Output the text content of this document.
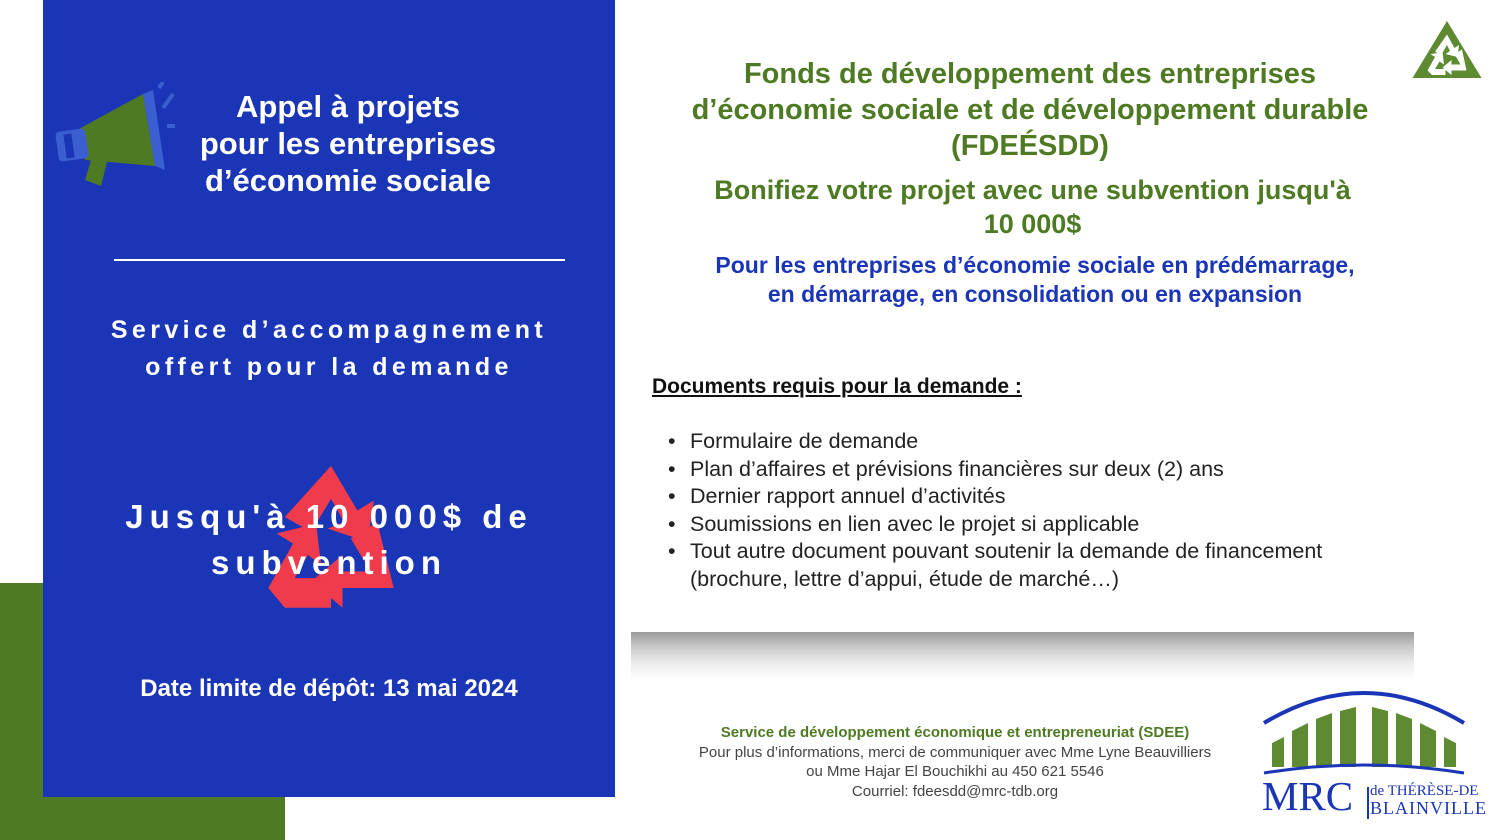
Appel à projets
pour les entreprises
d’économie sociale
Service d’accompagnement
offert pour la demande
Jusqu'à 10 000$ de
subvention
Date limite de dépôt: 13 mai 2024
Fonds de développement des entreprises
d’économie sociale et de développement durable
(FDEÉSDD)
Bonifiez votre projet avec une subvention jusqu'à
10 000$
Pour les entreprises d’économie sociale en prédémarrage,
en démarrage, en consolidation ou en expansion
Documents requis pour la demande :
• Formulaire de demande
• Plan d’affaires et prévisions financières sur deux (2) ans
• Dernier rapport annuel d’activités
• Soumissions en lien avec le projet si applicable
• Tout autre document pouvant soutenir la demande de financement (brochure, lettre d’appui, étude de marché…)
Service de développement économique et entrepreneuriat (SDEE)
Pour plus d’informations, merci de communiquer avec Mme Lyne Beauvilliers
ou Mme Hajar El Bouchikhi au 450 621 5546
Courriel: fdeesdd@mrc-tdb.org	MRC de THÉRÈSE-DE
BLAINVILLE
